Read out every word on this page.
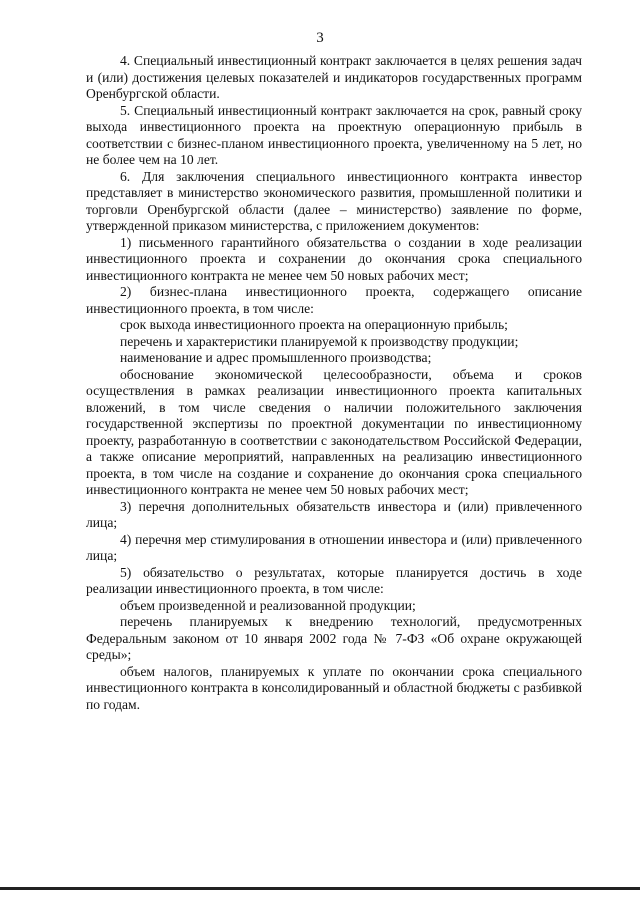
3

4. Специальный инвестиционный контракт заключается в целях решения задач и (или) достижения целевых показателей и индикаторов государственных программ Оренбургской области.

5. Специальный инвестиционный контракт заключается на срок, равный сроку выхода инвестиционного проекта на проектную операционную прибыль в соответствии с бизнес-планом инвестиционного проекта, увеличенному на 5 лет, но не более чем на 10 лет.

6. Для заключения специального инвестиционного контракта инвестор представляет в министерство экономического развития, промышленной политики и торговли Оренбургской области (далее – министерство) заявление по форме, утвержденной приказом министерства, с приложением документов:

1) письменного гарантийного обязательства о создании в ходе реализации инвестиционного проекта и сохранении до окончания срока специального инвестиционного контракта не менее чем 50 новых рабочих мест;

2) бизнес-плана инвестиционного проекта, содержащего описание инвестиционного проекта, в том числе:

срок выхода инвестиционного проекта на операционную прибыль;

перечень и характеристики планируемой к производству продукции;

наименование и адрес промышленного производства;

обоснование экономической целесообразности, объема и сроков осуществления в рамках реализации инвестиционного проекта капитальных вложений, в том числе сведения о наличии положительного заключения государственной экспертизы по проектной документации по инвестиционному проекту, разработанную в соответствии с законодательством Российской Федерации, а также описание мероприятий, направленных на реализацию инвестиционного проекта, в том числе на создание и сохранение до окончания срока специального инвестиционного контракта не менее чем 50 новых рабочих мест;

3) перечня дополнительных обязательств инвестора и (или) привлеченного лица;

4) перечня мер стимулирования в отношении инвестора и (или) привлеченного лица;

5) обязательство о результатах, которые планируется достичь в ходе реализации инвестиционного проекта, в том числе:

объем произведенной и реализованной продукции;

перечень планируемых к внедрению технологий, предусмотренных Федеральным законом от 10 января 2002 года № 7-ФЗ «Об охране окружающей среды»;

объем налогов, планируемых к уплате по окончании срока специального инвестиционного контракта в консолидированный и областной бюджеты с разбивкой по годам.
